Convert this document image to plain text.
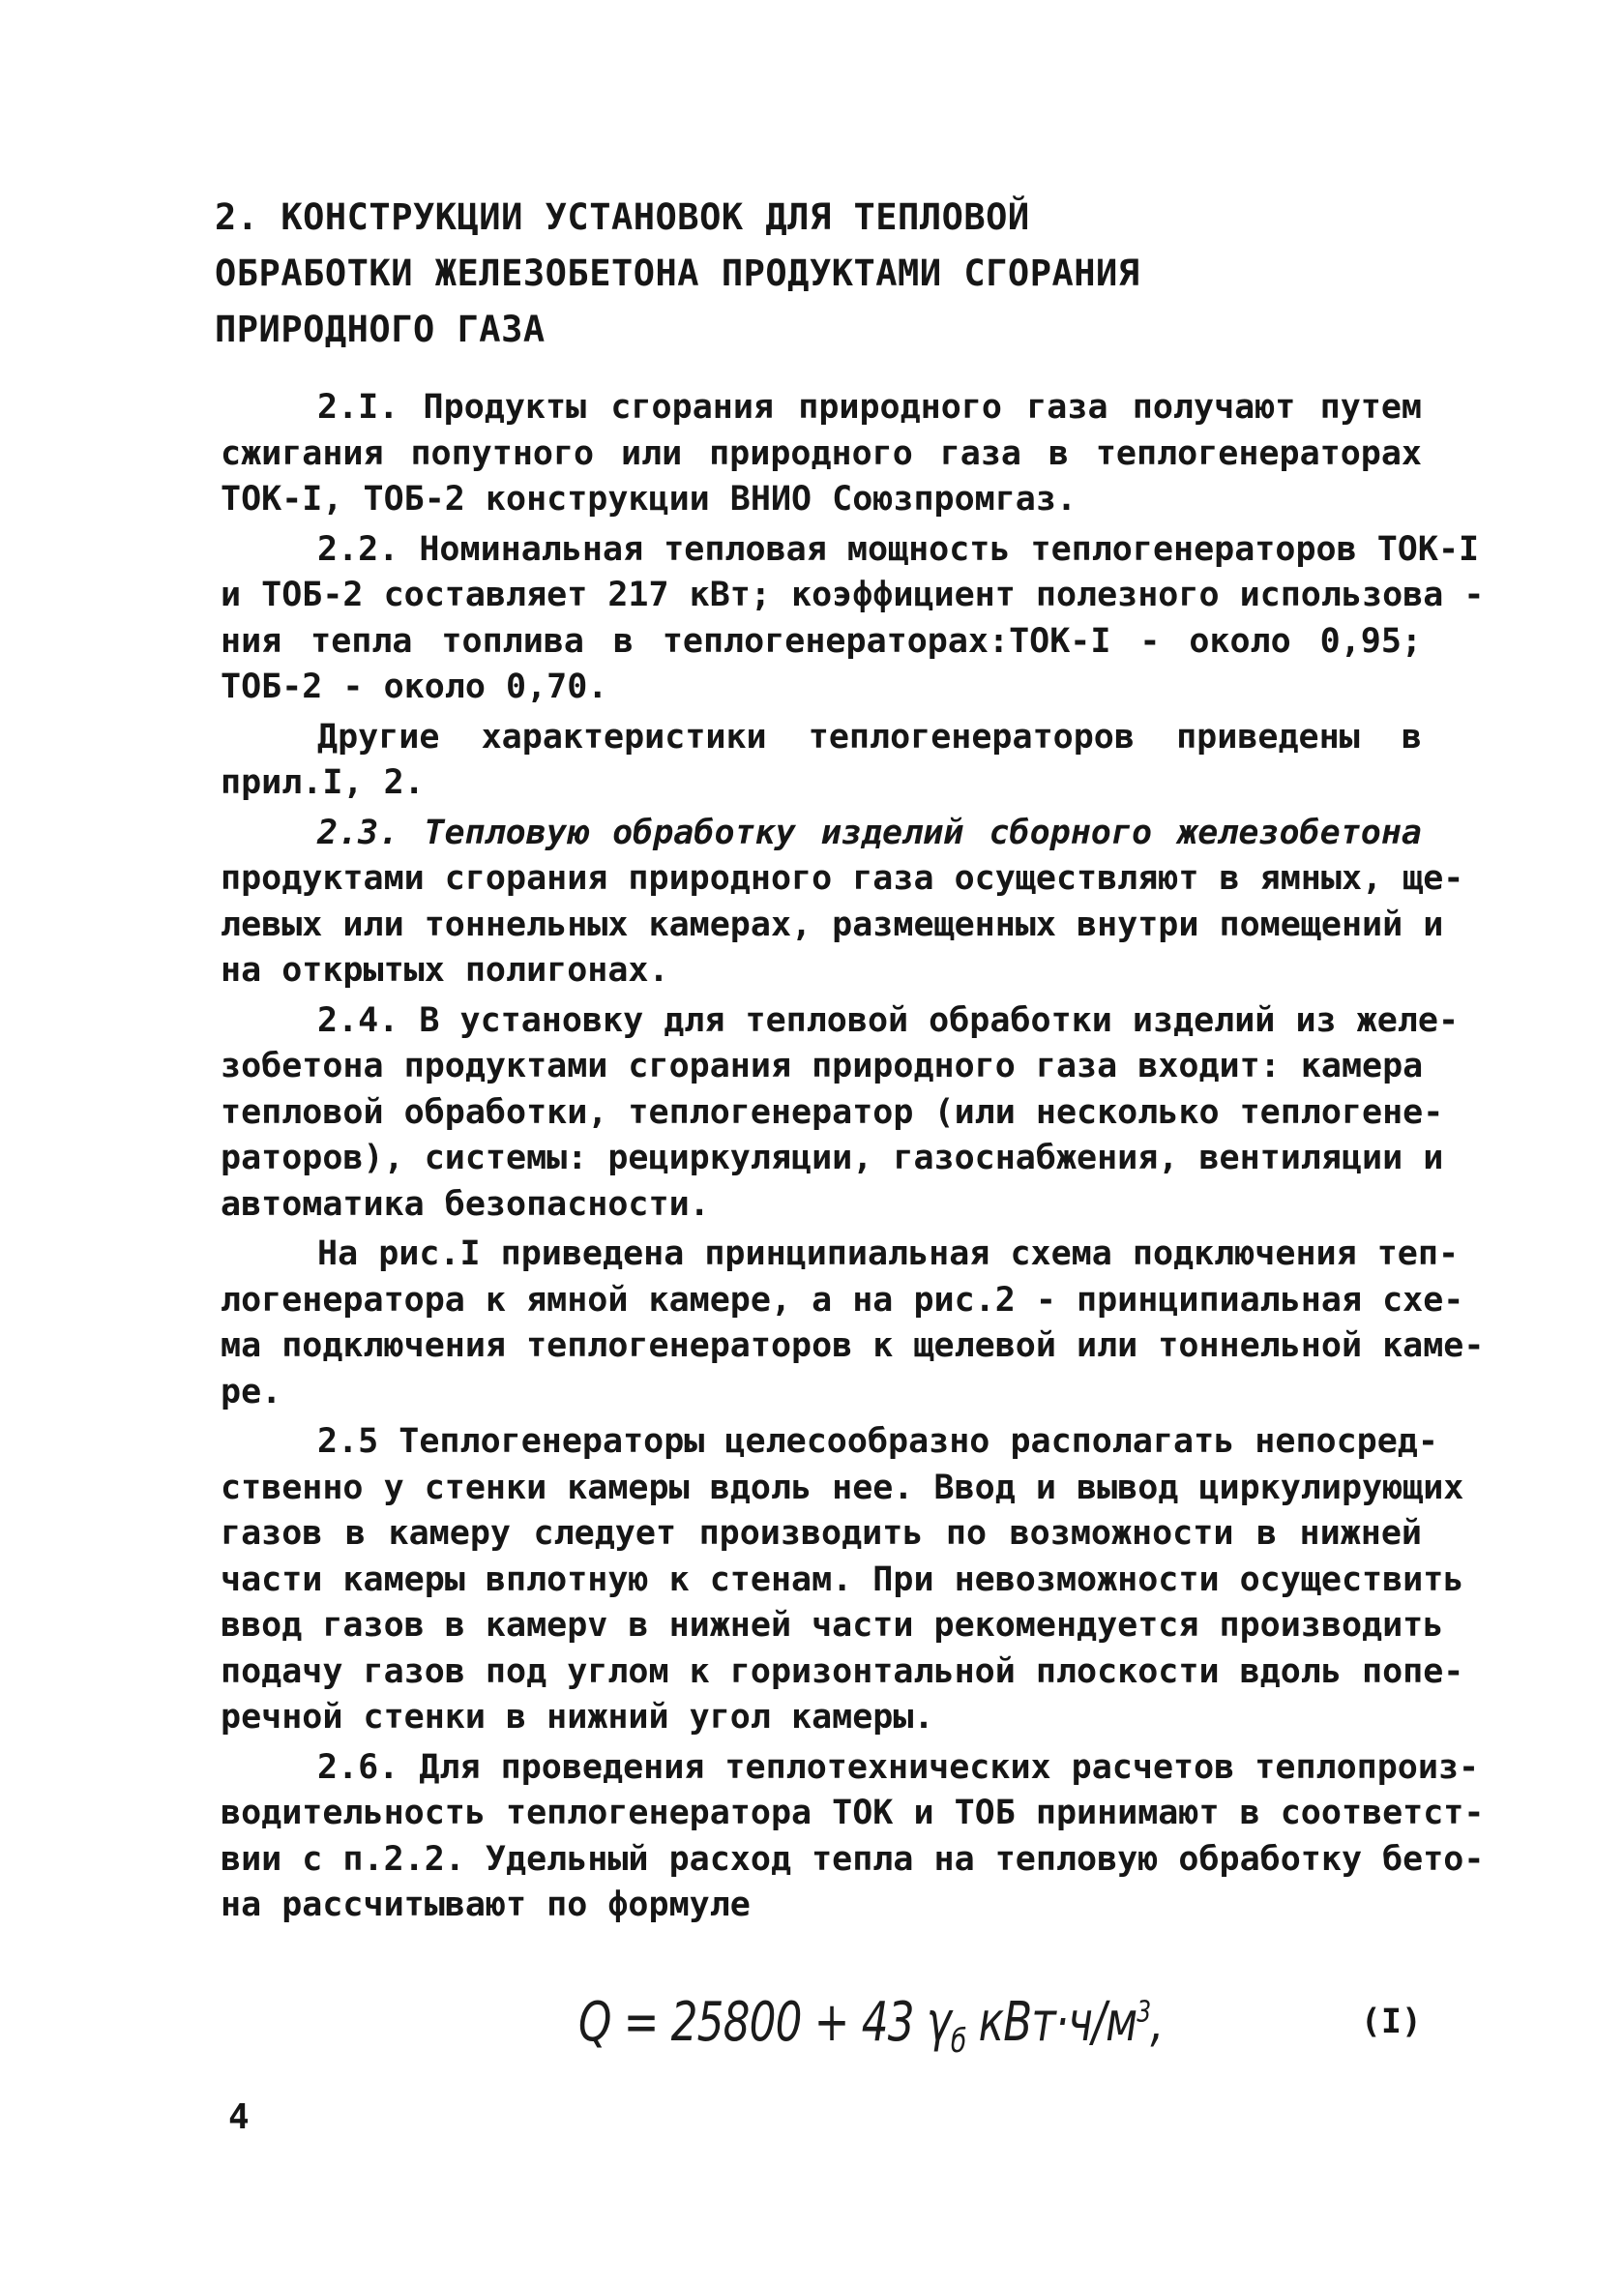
2. КОНСТРУКЦИИ УСТАНОВОК ДЛЯ ТЕПЛОВОЙ
ОБРАБОТКИ ЖЕЛЕЗОБЕТОНА ПРОДУКТАМИ СГОРАНИЯ
ПРИРОДНОГО ГАЗА
2.I. Продукты сгорания природного газа получают путем
сжигания попутного или природного газа в теплогенераторах
ТОК-I, ТОБ-2 конструкции ВНИО Союзпромгаз.
2.2. Номинальная тепловая мощность теплогенераторов ТОК-I
и ТОБ-2 составляет 217 кВт; коэффициент полезного использова -
ния тепла топлива в теплогенераторах:ТОК-I - около 0,95;
ТОБ-2 - около 0,70.
Другие характеристики теплогенераторов приведены в
прил.I, 2.
2.3. Тепловую обработку изделий сборного железобетона
продуктами сгорания природного газа осуществляют в ямных, ще-
левых или тоннельных камерах, размещенных внутри помещений и
на открытых полигонах.
2.4. В установку для тепловой обработки изделий из желе-
зобетона продуктами сгорания природного газа входит: камера
тепловой обработки, теплогенератор (или несколько теплогене-
раторов), системы: рециркуляции, газоснабжения, вентиляции и
автоматика безопасности.
На рис.I приведена принципиальная схема подключения теп-
логенератора к ямной камере, а на рис.2 - принципиальная схе-
ма подключения теплогенераторов к щелевой или тоннельной каме-
ре.
2.5 Теплогенераторы целесообразно располагать непосред-
ственно у стенки камеры вдоль нее. Ввод и вывод циркулирующих
газов в камеру следует производить по возможности в нижней
части камеры вплотную к стенам. При невозможности осуществить
ввод газов в камерv в нижней части рекомендуется производить
подачу газов под углом к горизонтальной плоскости вдоль попе-
речной стенки в нижний угол камеры.
2.6. Для проведения теплотехнических расчетов теплопроиз-
водительность теплогенератора ТОК и ТОБ принимают в соответст-
вии с п.2.2. Удельный расход тепла на тепловую обработку бето-
на рассчитывают по формуле
Q = 25800 + 43 $\gamma_б$ $кВт\cdot ч/м^3$,	(I)
4
